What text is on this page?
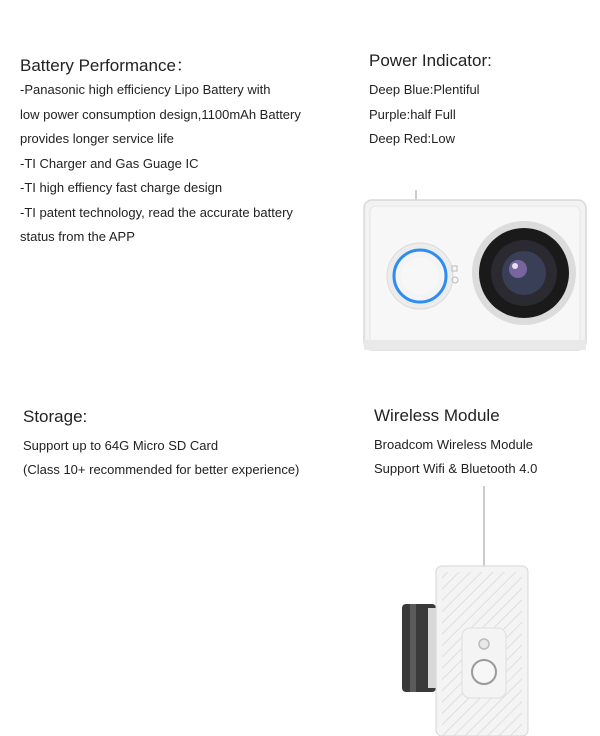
Battery Performance：
-Panasonic high efficiency Lipo Battery with
low power consumption design,1100mAh Battery
provides longer service life
-TI Charger and Gas Guage IC
-TI high effiency fast charge design
-TI patent technology, read the accurate battery
status from the APP
Power Indicator:
Deep Blue:Plentiful
Purple:half Full
Deep Red:Low
Storage:
Support up to 64G Micro SD Card
(Class 10+ recommended for better experience)
Wireless Module
Broadcom Wireless Module
Support Wifi & Bluetooth 4.0
